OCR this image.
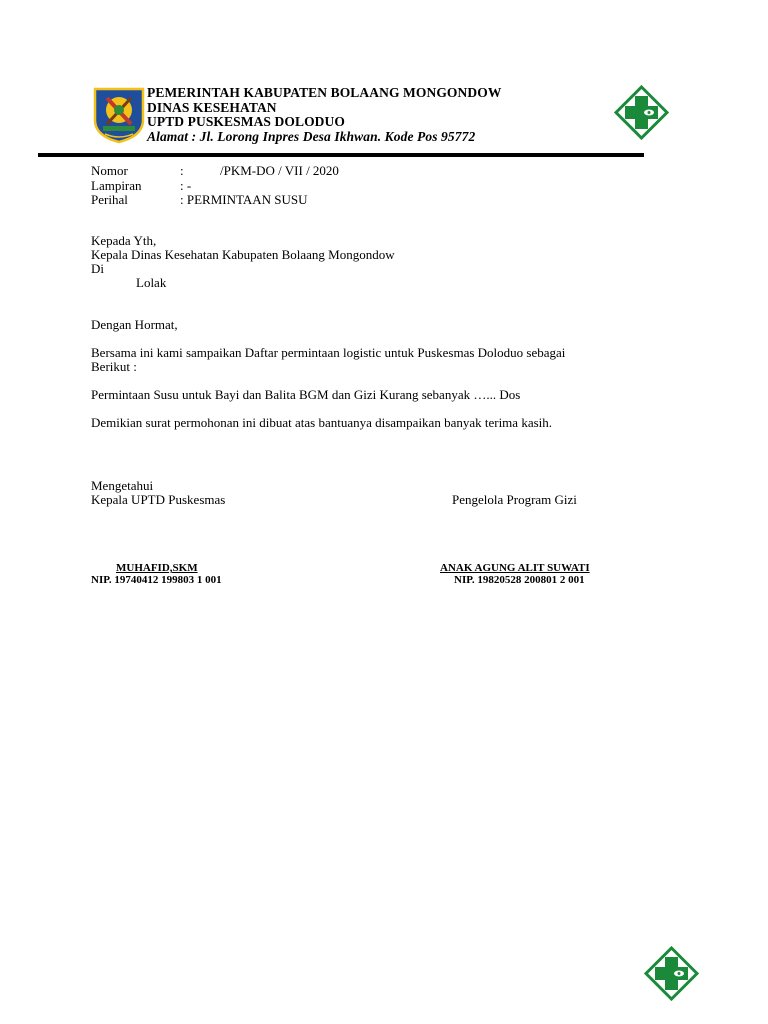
PEMERINTAH KABUPATEN BOLAANG MONGONDOW
DINAS KESEHATAN
UPTD PUSKESMAS DOLODUO
Alamat : Jl. Lorong Inpres Desa Ikhwan. Kode Pos 95772
Nomor	:	/PKM-DO / VII / 2020
Lampiran	: -
Perihal	: PERMINTAAN SUSU
Kepada Yth,
Kepala Dinas Kesehatan Kabupaten Bolaang Mongondow
Di
Lolak
Dengan Hormat,
Bersama ini kami sampaikan Daftar permintaan logistic untuk Puskesmas Doloduo sebagai
Berikut :
Permintaan Susu untuk Bayi dan Balita BGM dan Gizi Kurang sebanyak …... Dos
Demikian surat permohonan ini dibuat atas bantuanya disampaikan banyak terima kasih.
Mengetahui
Kepala UPTD Puskesmas	Pengelola Program Gizi
MUHAFID,SKM
NIP. 19740412 199803 1 001
ANAK AGUNG ALIT SUWATI
NIP. 19820528 200801 2 001
